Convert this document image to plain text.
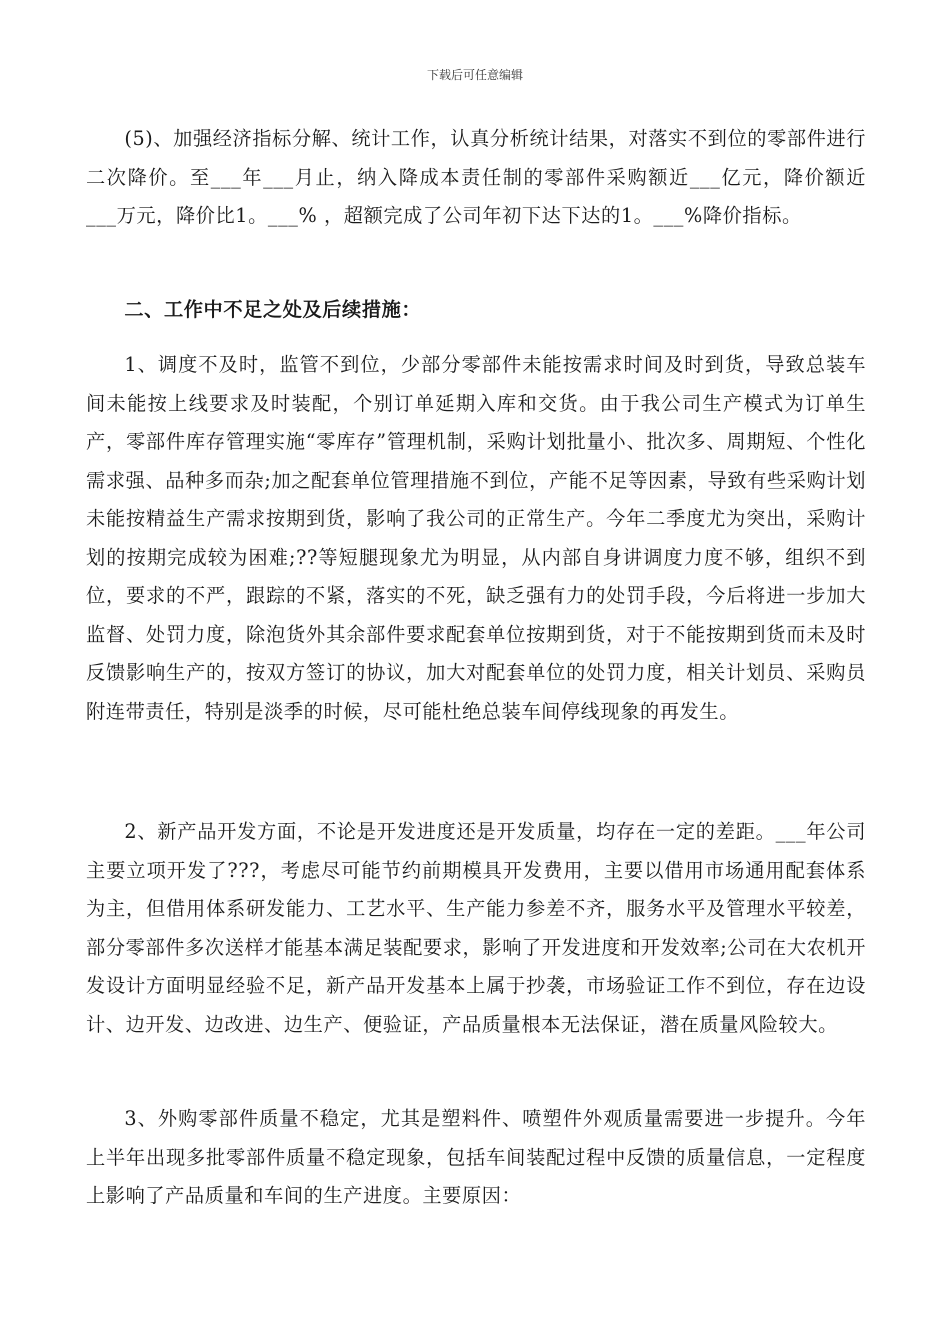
下载后可任意编辑

(5)、加强经济指标分解、统计工作，认真分析统计结果，对落实不到位的零部件进行二次降价。至___年___月止，纳入降成本责任制的零部件采购额近___亿元，降价额近 ___万元，降价比1。___% ，超额完成了公司年初下达下达的1。___%降价指标。

二、工作中不足之处及后续措施：

1、调度不及时，监管不到位，少部分零部件未能按需求时间及时到货，导致总装车间未能按上线要求及时装配，个别订单延期入库和交货。由于我公司生产模式为订单生产，零部件库存管理实施“零库存”管理机制，采购计划批量小、批次多、周期短、个性化需求强、品种多而杂;加之配套单位管理措施不到位，产能不足等因素，导致有些采购计划未能按精益生产需求按期到货，影响了我公司的正常生产。今年二季度尤为突出，采购计划的按期完成较为困难;??等短腿现象尤为明显，从内部自身讲调度力度不够，组织不到位，要求的不严，跟踪的不紧，落实的不死，缺乏强有力的处罚手段，今后将进一步加大监督、处罚力度，除泡货外其余部件要求配套单位按期到货，对于不能按期到货而未及时反馈影响生产的，按双方签订的协议，加大对配套单位的处罚力度，相关计划员、采购员附连带责任，特别是淡季的时候，尽可能杜绝总装车间停线现象的再发生。

2、新产品开发方面，不论是开发进度还是开发质量，均存在一定的差距。___年公司主要立项开发了???，考虑尽可能节约前期模具开发费用，主要以借用市场通用配套体系为主，但借用体系研发能力、工艺水平、生产能力参差不齐，服务水平及管理水平较差，部分零部件多次送样才能基本满足装配要求，影响了开发进度和开发效率;公司在大农机开发设计方面明显经验不足，新产品开发基本上属于抄袭，市场验证工作不到位，存在边设计、边开发、边改进、边生产、便验证，产品质量根本无法保证，潜在质量风险较大。

3、外购零部件质量不稳定，尤其是塑料件、喷塑件外观质量需要进一步提升。今年上半年出现多批零部件质量不稳定现象，包括车间装配过程中反馈的质量信息，一定程度上影响了产品质量和车间的生产进度。主要原因：
